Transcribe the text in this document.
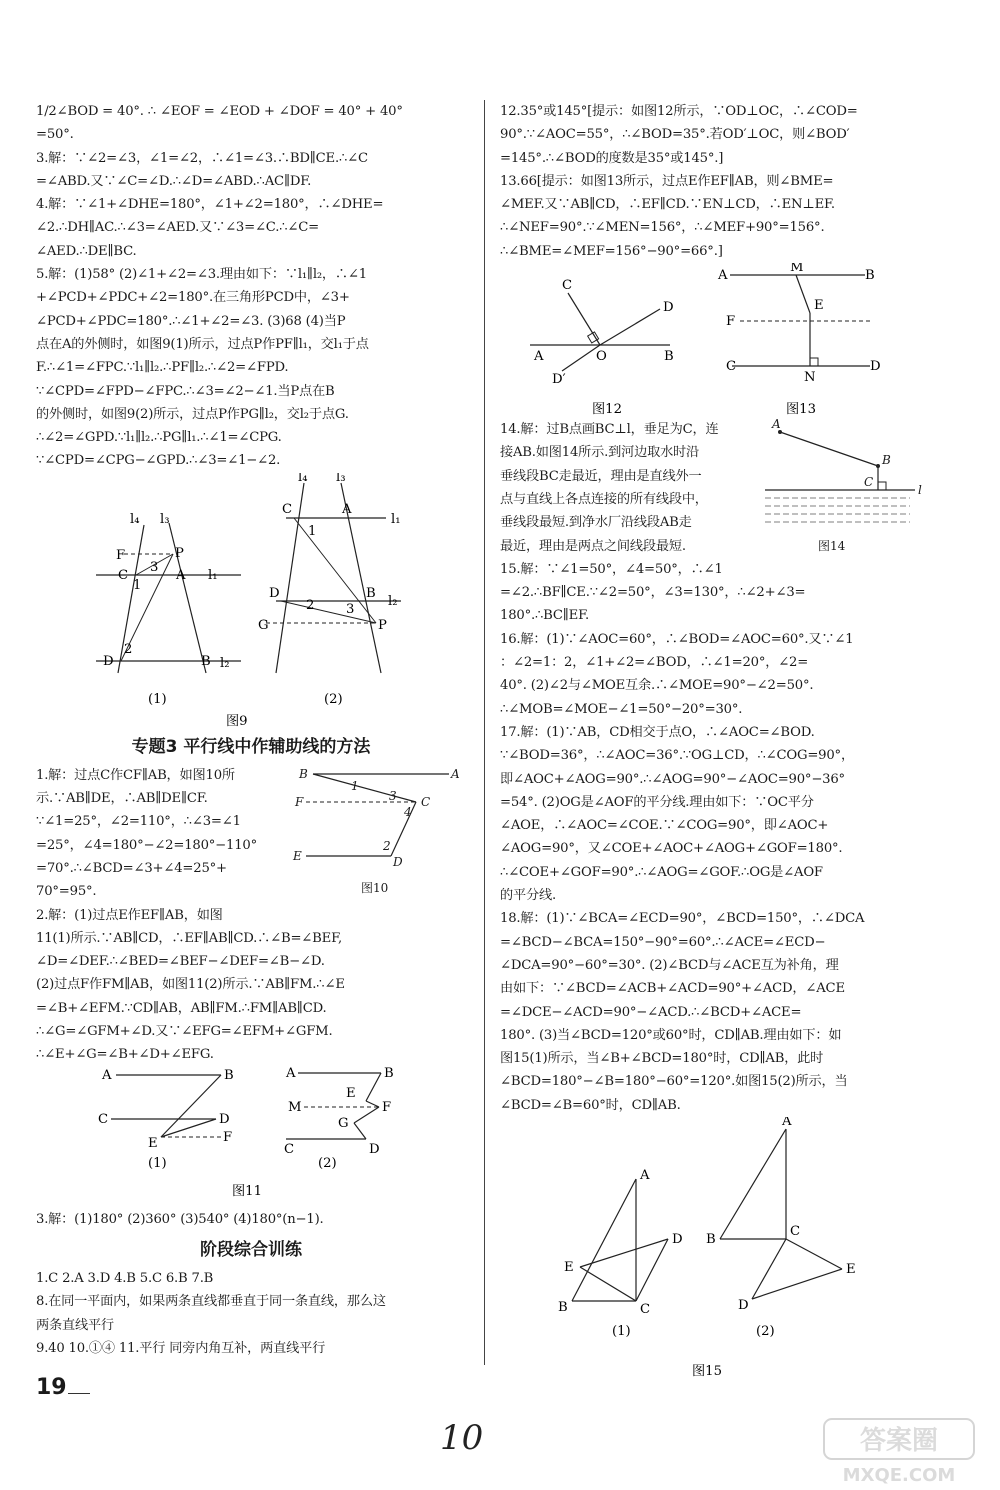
1/2∠BOD = 40°. ∴ ∠EOF = ∠EOD + ∠DOF = 40° + 40°
=50°.
3.解：∵∠2=∠3，∠1=∠2，∴∠1=∠3.∴BD∥CE.∴∠C
=∠ABD.又∵∠C=∠D.∴∠D=∠ABD.∴AC∥DF.
4.解：∵∠1+∠DHE=180°，∠1+∠2=180°，∴∠DHE=
∠2.∴DH∥AC.∴∠3=∠AED.又∵∠3=∠C.∴∠C=
∠AED.∴DE∥BC.
5.解：(1)58° (2)∠1+∠2=∠3.理由如下：∵l₁∥l₂，∴∠1
+∠PCD+∠PDC+∠2=180°.在三角形PCD中，∠3+
∠PCD+∠PDC=180°.∴∠1+∠2=∠3. (3)68 (4)当P
点在A的外侧时，如图9(1)所示，过点P作PF∥l₁，交l₁于点
F.∴∠1=∠FPC.∵l₁∥l₂.∴PF∥l₂.∴∠2=∠FPD.
∵∠CPD=∠FPD−∠FPC.∴∠3=∠2−∠1.当P点在B
的外侧时，如图9(2)所示，过点P作PG∥l₂，交l₂于点G.
∴∠2=∠GPD.∵l₁∥l₂.∴PG∥l₁.∴∠1=∠CPG.
∵∠CPD=∠CPG−∠GPD.∴∠3=∠1−∠2.
P
F
C	A
D	B
l₁
l₂
l₄ l₃
1
2
3
(1)
C	A
D	B
G	P
l₁
l₂
l₄ l₃
1
2 3
(2)
图9
专题3 平行线中作辅助线的方法
1.解：过点C作CF∥AB，如图10所
示.∵AB∥DE，∴AB∥DE∥CF.
∵∠1=25°，∠2=110°，∴∠3=∠1
=25°，∠4=180°−∠2=180°−110°
=70°.∴∠BCD=∠3+∠4=25°+
70°=95°.
B	A
F	C
E	D
1
2
3
4
图10
2.解：(1)过点E作EF∥AB，如图
11(1)所示.∵AB∥CD，∴EF∥AB∥CD.∴∠B=∠BEF,
∠D=∠DEF.∴∠BED=∠BEF−∠DEF=∠B−∠D.
(2)过点F作FM∥AB，如图11(2)所示.∵AB∥FM.∴∠E
=∠B+∠EFM.∵CD∥AB，AB∥FM.∴FM∥AB∥CD.
∴∠G=∠GFM+∠D.又∵∠EFG=∠EFM+∠GFM.
∴∠E+∠G=∠B+∠D+∠EFG.
A	B
C	D
E	F
(1)
A	B
M
E
F
G
C	D
(2)
图11
3.解：(1)180° (2)360° (3)540° (4)180°(n−1).
阶段综合训练
1.C 2.A 3.D 4.B 5.C 6.B 7.B
8.在同一平面内，如果两条直线都垂直于同一条直线，那么这
两条直线平行
9.40 10.①④ 11.平行 同旁内角互补，两直线平行
12.35°或145°[提示：如图12所示，∵OD⊥OC，∴∠COD=
90°.∵∠AOC=55°，∴∠BOD=35°.若OD′⊥OC，则∠BOD′
=145°.∴∠BOD的度数是35°或145°.]
13.66[提示：如图13所示，过点E作EF∥AB，则∠BME=
∠MEF.又∵AB∥CD，∴EF∥CD.∵EN⊥CD，∴EN⊥EF.
∴∠NEF=90°.∵∠MEN=156°，∴∠MEF+90°=156°.
∴∠BME=∠MEF=156°−90°=66°.]
C
D
A	B
O
D′
图12
A
M
B
E
F
C
N
D
图13
14.解：过B点画BC⊥l，垂足为C，连
接AB.如图14所示.到河边取水时沿
垂线段BC走最近，理由是直线外一
点与直线上各点连接的所有线段中，
垂线段最短.到净水厂沿线段AB走
最近，理由是两点之间线段最短.
A
B
C
l
图14
15.解：∵∠1=50°，∠4=50°，∴∠1
=∠2.∴BF∥CE.∵∠2=50°，∠3=130°，∴∠2+∠3=
180°.∴BC∥EF.
16.解：(1)∵∠AOC=60°，∴∠BOD=∠AOC=60°.又∵∠1
：∠2=1：2，∠1+∠2=∠BOD，∴∠1=20°，∠2=
40°. (2)∠2与∠MOE互余.∴∠MOE=90°−∠2=50°.
∴∠MOB=∠MOE−∠1=50°−20°=30°.
17.解：(1)∵AB，CD相交于点O，∴∠AOC=∠BOD.
∵∠BOD=36°，∴∠AOC=36°.∵OG⊥CD，∴∠COG=90°，
即∠AOC+∠AOG=90°.∴∠AOG=90°−∠AOC=90°−36°
=54°. (2)OG是∠AOF的平分线.理由如下：∵OC平分
∠AOE，∴∠AOC=∠COE.∵∠COG=90°，即∠AOC+
∠AOG=90°，又∠COE+∠AOC+∠AOG+∠GOF=180°.
∴∠COE+∠GOF=90°.∴∠AOG=∠GOF.∴OG是∠AOF
的平分线.
18.解：(1)∵∠BCA=∠ECD=90°，∠BCD=150°，∴∠DCA
=∠BCD−∠BCA=150°−90°=60°.∴∠ACE=∠ECD−
∠DCA=90°−60°=30°. (2)∠BCD与∠ACE互为补角，理
由如下：∵∠BCD=∠ACB+∠ACD=90°+∠ACD，∠ACE
=∠DCE−∠ACD=90°−∠ACD.∴∠BCD+∠ACE=
180°. (3)当∠BCD=120°或60°时，CD∥AB.理由如下：如
图15(1)所示，当∠B+∠BCD=180°时，CD∥AB，此时
∠BCD=180°−∠B=180°−60°=120°.如图15(2)所示，当
∠BCD=∠B=60°时，CD∥AB.
A
D
E
B	C
(1)
A
B
C
E
D
(2)
图15
19
10	答案圈
MXQE.COM
